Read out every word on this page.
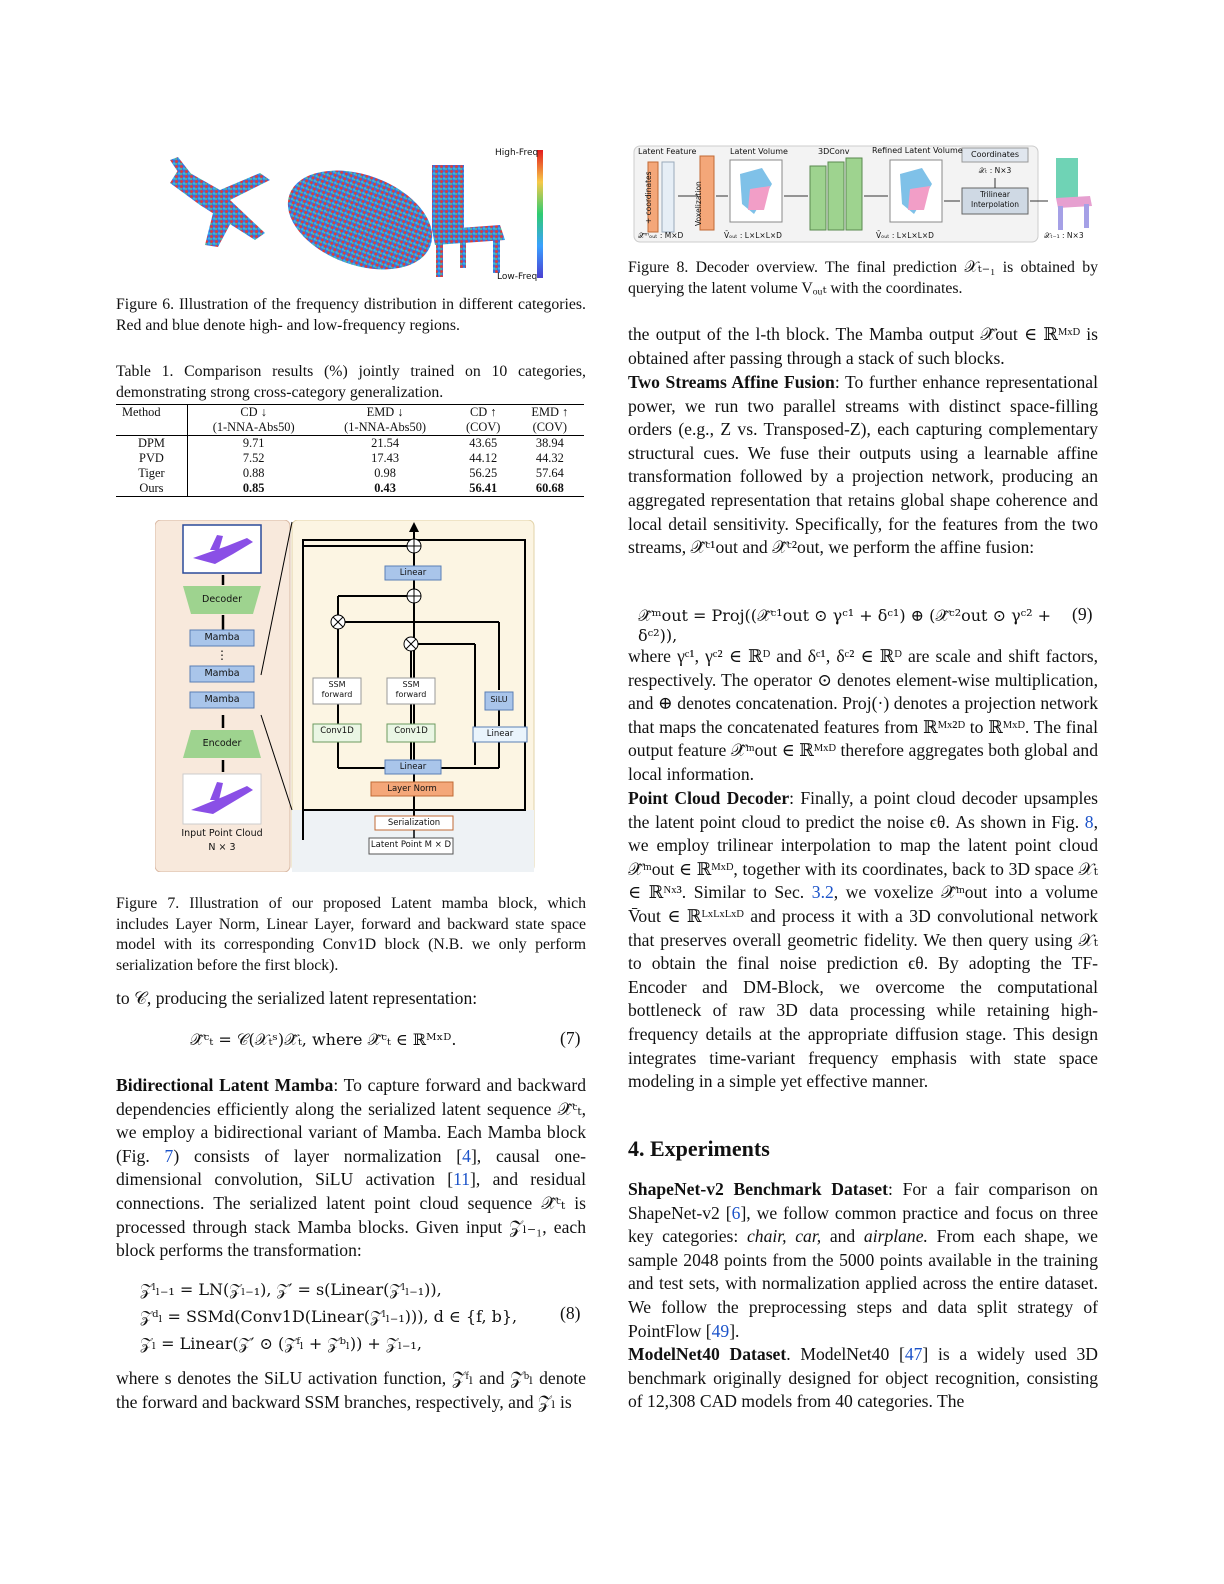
High-Freq
Low-Freq
Figure 6. Illustration of the frequency distribution in different categories. Red and blue denote high- and low-frequency regions.
Table 1. Comparison results (%) jointly trained on 10 categories, demonstrating strong cross-category generalization.
Method	CD ↓	EMD ↓	CD ↑	EMD ↑
	(1-NNA-Abs50)	(1-NNA-Abs50)	(COV)	(COV)
DPM	9.71	21.54	43.65	38.94
PVD	7.52	17.43	44.12	44.32
Tiger	0.88	0.98	56.25	57.64
Ours	0.85	0.43	56.41	60.68
Decoder
Mamba
⋮
Mamba
Mamba
Encoder
Input Point Cloud
N × 3
Linear
SSM
forward
SSM
forward
SiLU
Conv1D	Conv1D	Linear
Linear
Layer Norm
Serialization
Latent Point M × D
Figure 7. Illustration of our proposed Latent mamba block, which includes Layer Norm, Linear Layer, forward and backward state space model with its corresponding Conv1D block (N.B. we only perform serialization before the first block).
to 𝒞, producing the serialized latent representation:
𝒳̂ᶜₜ = 𝒞(𝒳ₜˢ)𝒳̂ₜ, where 𝒳̂ᶜₜ ∈ ℝᴹˣᴰ.	(7)
Bidirectional Latent Mamba: To capture forward and backward dependencies efficiently along the serialized latent sequence 𝒳̂ᶜₜ, we employ a bidirectional variant of Mamba. Each Mamba block (Fig. 7) consists of layer normalization [4], causal one-dimensional convolution, SiLU activation [11], and residual connections. The serialized latent point cloud sequence 𝒳̂ᶜₜ is processed through stack Mamba blocks. Given input 𝒵ₗ₋₁, each block performs the transformation:
𝒵ˡₗ₋₁ = LN(𝒵ₗ₋₁), 𝒵′ = s(Linear(𝒵ˡₗ₋₁)),
𝒵ᵈₗ = SSMd(Conv1D(Linear(𝒵ˡₗ₋₁))), d ∈ {f, b},
𝒵ₗ = Linear(𝒵′ ⊙ (𝒵ᶠₗ + 𝒵ᵇₗ)) + 𝒵ₗ₋₁,
(8)
where s denotes the SiLU activation function, 𝒵ᶠₗ and 𝒵ᵇₗ denote the forward and backward SSM branches, respectively, and 𝒵ₗ is
Latent Feature	Latent Volume	3DConv	Refined Latent Volume	Coordinates
+ coordinates	Voxelization
𝒳ₜ : N×3
Trilinear Interpolation
𝒳̂ᵐₒᵤₜ : M×D	V̄ₒᵤₜ : L×L×L×D	V̄ₒᵤₜ : L×L×L×D	𝒳ₜ₋₁ : N×3
Figure 8. Decoder overview. The final prediction 𝒳ₜ₋₁ is obtained by querying the latent volume Vₒᵤₜ with the coordinates.
the output of the l-th block. The Mamba output 𝒳̂out ∈ ℝᴹˣᴰ is obtained after passing through a stack of such blocks.
Two Streams Affine Fusion: To further enhance representational power, we run two parallel streams with distinct space-filling orders (e.g., Z vs. Transposed-Z), each capturing complementary structural cues. We fuse their outputs using a learnable affine transformation followed by a projection network, producing an aggregated representation that retains global shape coherence and local detail sensitivity. Specifically, for the features from the two streams, 𝒳̂ᶜ¹out and 𝒳̂ᶜ²out, we perform the affine fusion:
𝒳̂ᵐout = Proj((𝒳̂ᶜ¹out ⊙ γᶜ¹ + δᶜ¹) ⊕ (𝒳̂ᶜ²out ⊙ γᶜ² + δᶜ²)),
(9)
where γᶜ¹, γᶜ² ∈ ℝᴰ and δᶜ¹, δᶜ² ∈ ℝᴰ are scale and shift factors, respectively. The operator ⊙ denotes element-wise multiplication, and ⊕ denotes concatenation. Proj(·) denotes a projection network that maps the concatenated features from ℝᴹˣ²ᴰ to ℝᴹˣᴰ. The final output feature 𝒳̂ᵐout ∈ ℝᴹˣᴰ therefore aggregates both global and local information.
Point Cloud Decoder: Finally, a point cloud decoder upsamples the latent point cloud to predict the noise ϵθ. As shown in Fig. 8, we employ trilinear interpolation to map the latent point cloud 𝒳̂ᵐout ∈ ℝᴹˣᴰ, together with its coordinates, back to 3D space 𝒳ₜ ∈ ℝᴺˣ³. Similar to Sec. 3.2, we voxelize 𝒳̂ᵐout into a volume V̄out ∈ ℝᴸˣᴸˣᴸˣᴰ and process it with a 3D convolutional network that preserves overall geometric fidelity. We then query using 𝒳ₜ to obtain the final noise prediction ϵθ. By adopting the TF-Encoder and DM-Block, we overcome the computational bottleneck of raw 3D data processing while retaining high-frequency details at the appropriate diffusion stage. This design integrates time-variant frequency emphasis with state space modeling in a simple yet effective manner.
4. Experiments
ShapeNet-v2 Benchmark Dataset: For a fair comparison on ShapeNet-v2 [6], we follow common practice and focus on three key categories: chair, car, and airplane. From each shape, we sample 2048 points from the 5000 points available in the training and test sets, with normalization applied across the entire dataset. We follow the preprocessing steps and data split strategy of PointFlow [49].
ModelNet40 Dataset. ModelNet40 [47] is a widely used 3D benchmark originally designed for object recognition, consisting of 12,308 CAD models from 40 categories. The
